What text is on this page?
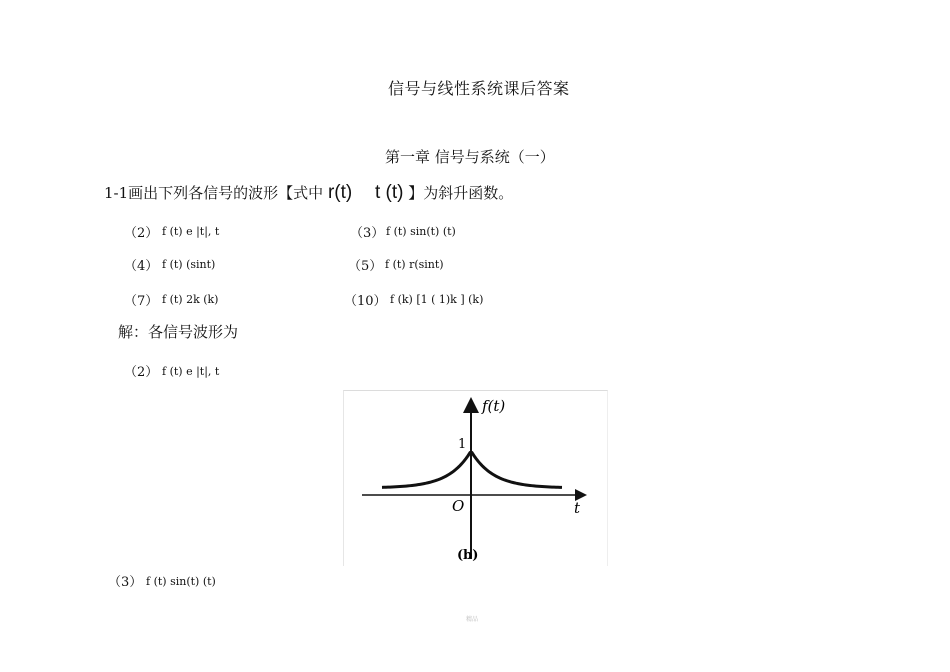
信号与线性系统课后答案
第一章 信号与系统（一）
1-1画出下列各信号的波形【式中 r(t) t (t) 】为斜升函数。
（2） f (t) e |t|, t	（3） f (t) sin(t) (t)
（4） f (t) (sint)	（5） f (t) r(sint)
（7） f (t) 2k (k)	（10） f (k) [1 ( 1)k ] (k)
解：各信号波形为
（2） f (t) e |t|, t
f(t)
t
O
1
(b)
（3） f (t) sin(t) (t)
精品
